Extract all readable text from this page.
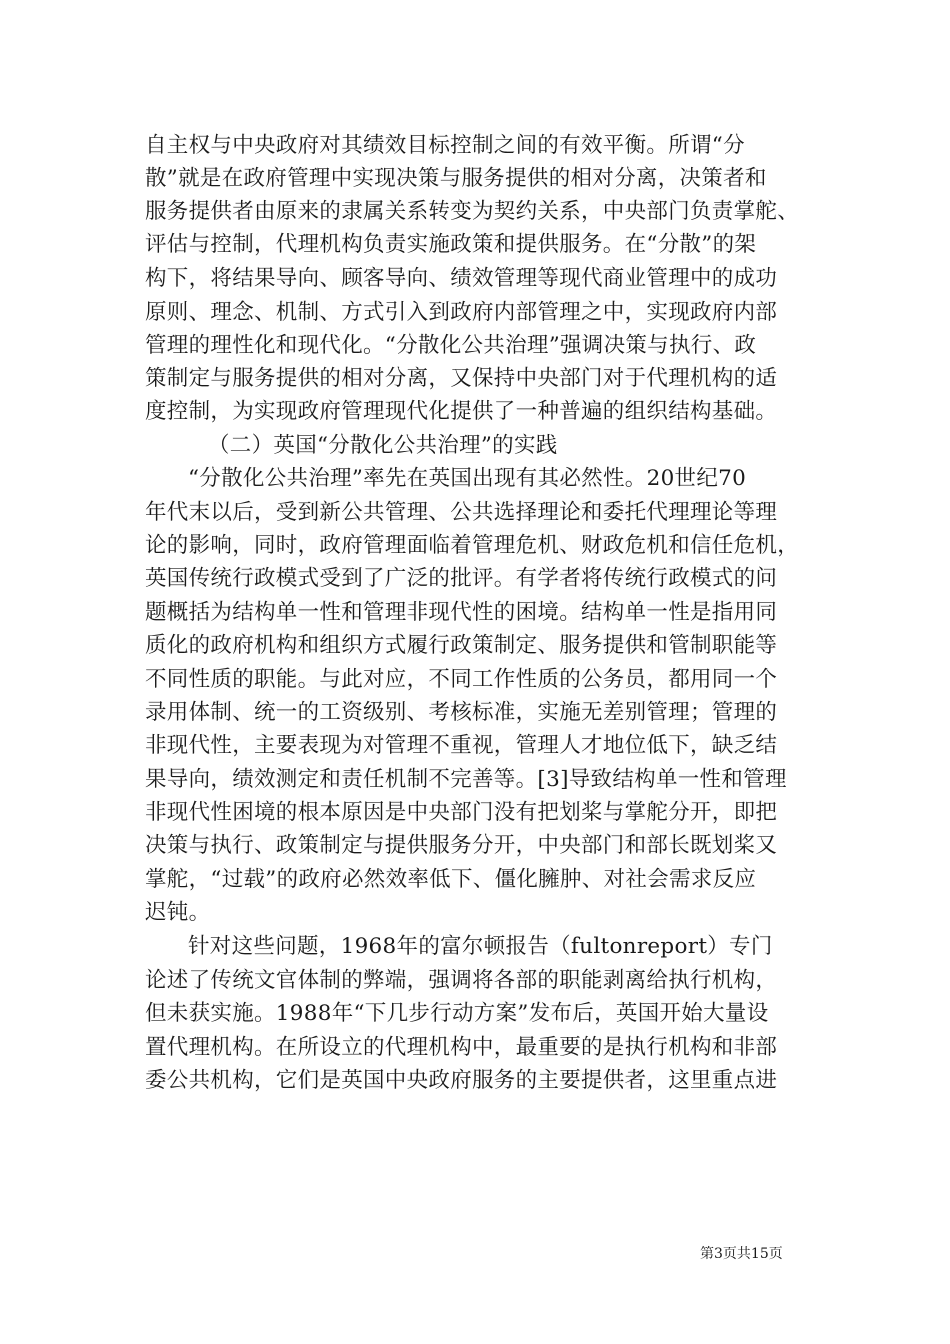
自主权与中央政府对其绩效目标控制之间的有效平衡。所谓“分
散”就是在政府管理中实现决策与服务提供的相对分离，决策者和
服务提供者由原来的隶属关系转变为契约关系，中央部门负责掌舵、
评估与控制，代理机构负责实施政策和提供服务。在“分散”的架
构下，将结果导向、顾客导向、绩效管理等现代商业管理中的成功
原则、理念、机制、方式引入到政府内部管理之中，实现政府内部
管理的理性化和现代化。“分散化公共治理”强调决策与执行、政
策制定与服务提供的相对分离，又保持中央部门对于代理机构的适
度控制，为实现政府管理现代化提供了一种普遍的组织结构基础。
（二）英国“分散化公共治理”的实践
“分散化公共治理”率先在英国出现有其必然性。20世纪70
年代末以后，受到新公共管理、公共选择理论和委托代理理论等理
论的影响，同时，政府管理面临着管理危机、财政危机和信任危机，
英国传统行政模式受到了广泛的批评。有学者将传统行政模式的问
题概括为结构单一性和管理非现代性的困境。结构单一性是指用同
质化的政府机构和组织方式履行政策制定、服务提供和管制职能等
不同性质的职能。与此对应，不同工作性质的公务员，都用同一个
录用体制、统一的工资级别、考核标准，实施无差别管理；管理的
非现代性，主要表现为对管理不重视，管理人才地位低下，缺乏结
果导向，绩效测定和责任机制不完善等。[3]导致结构单一性和管理
非现代性困境的根本原因是中央部门没有把划桨与掌舵分开，即把
决策与执行、政策制定与提供服务分开，中央部门和部长既划桨又
掌舵，“过载”的政府必然效率低下、僵化臃肿、对社会需求反应
迟钝。
针对这些问题，1968年的富尔顿报告（fultonreport）专门
论述了传统文官体制的弊端，强调将各部的职能剥离给执行机构，
但未获实施。1988年“下几步行动方案”发布后，英国开始大量设
置代理机构。在所设立的代理机构中，最重要的是执行机构和非部
委公共机构，它们是英国中央政府服务的主要提供者，这里重点进
第3页共15页
